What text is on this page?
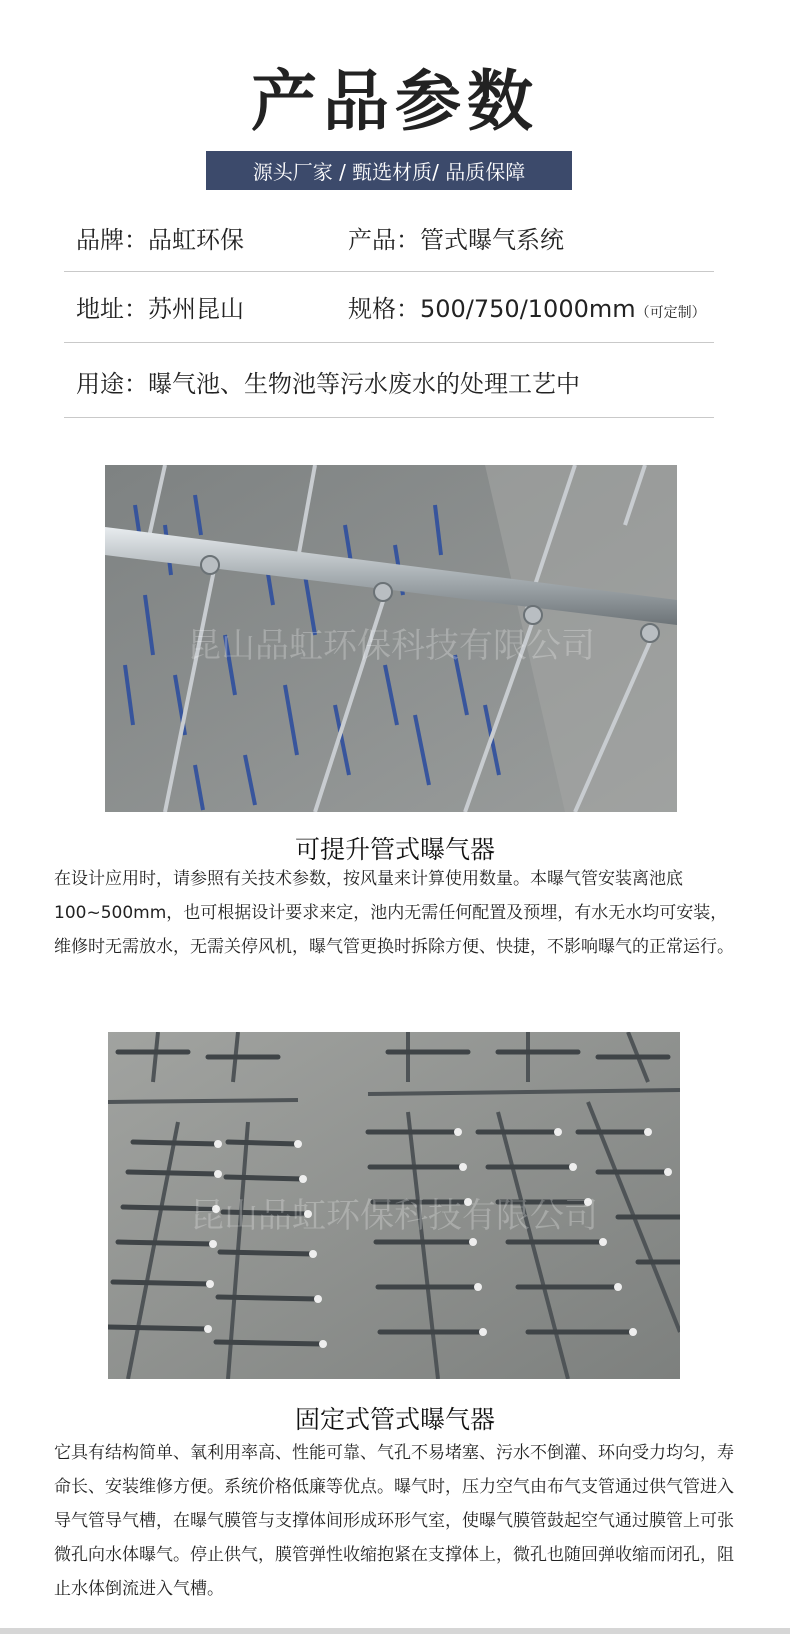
产品参数
源头厂家 / 甄选材质/ 品质保障
品牌：品虹环保	产品：管式曝气系统
地址：苏州昆山	规格：500/750/1000mm（可定制）
用途：曝气池、生物池等污水废水的处理工艺中
昆山品虹环保科技有限公司
可提升管式曝气器
在设计应用时，请参照有关技术参数，按风量来计算使用数量。本曝气管安装离池底100~500mm，也可根据设计要求来定，池内无需任何配置及预埋，有水无水均可安装，维修时无需放水，无需关停风机，曝气管更换时拆除方便、快捷，不影响曝气的正常运行。
昆山品虹环保科技有限公司
固定式管式曝气器
它具有结构简单、氧利用率高、性能可靠、气孔不易堵塞、污水不倒灌、环向受力均匀，寿命长、安装维修方便。系统价格低廉等优点。曝气时，压力空气由布气支管通过供气管进入导气管导气槽，在曝气膜管与支撑体间形成环形气室，使曝气膜管鼓起空气通过膜管上可张微孔向水体曝气。停止供气，膜管弹性收缩抱紧在支撑体上，微孔也随回弹收缩而闭孔，阻止水体倒流进入气槽。
